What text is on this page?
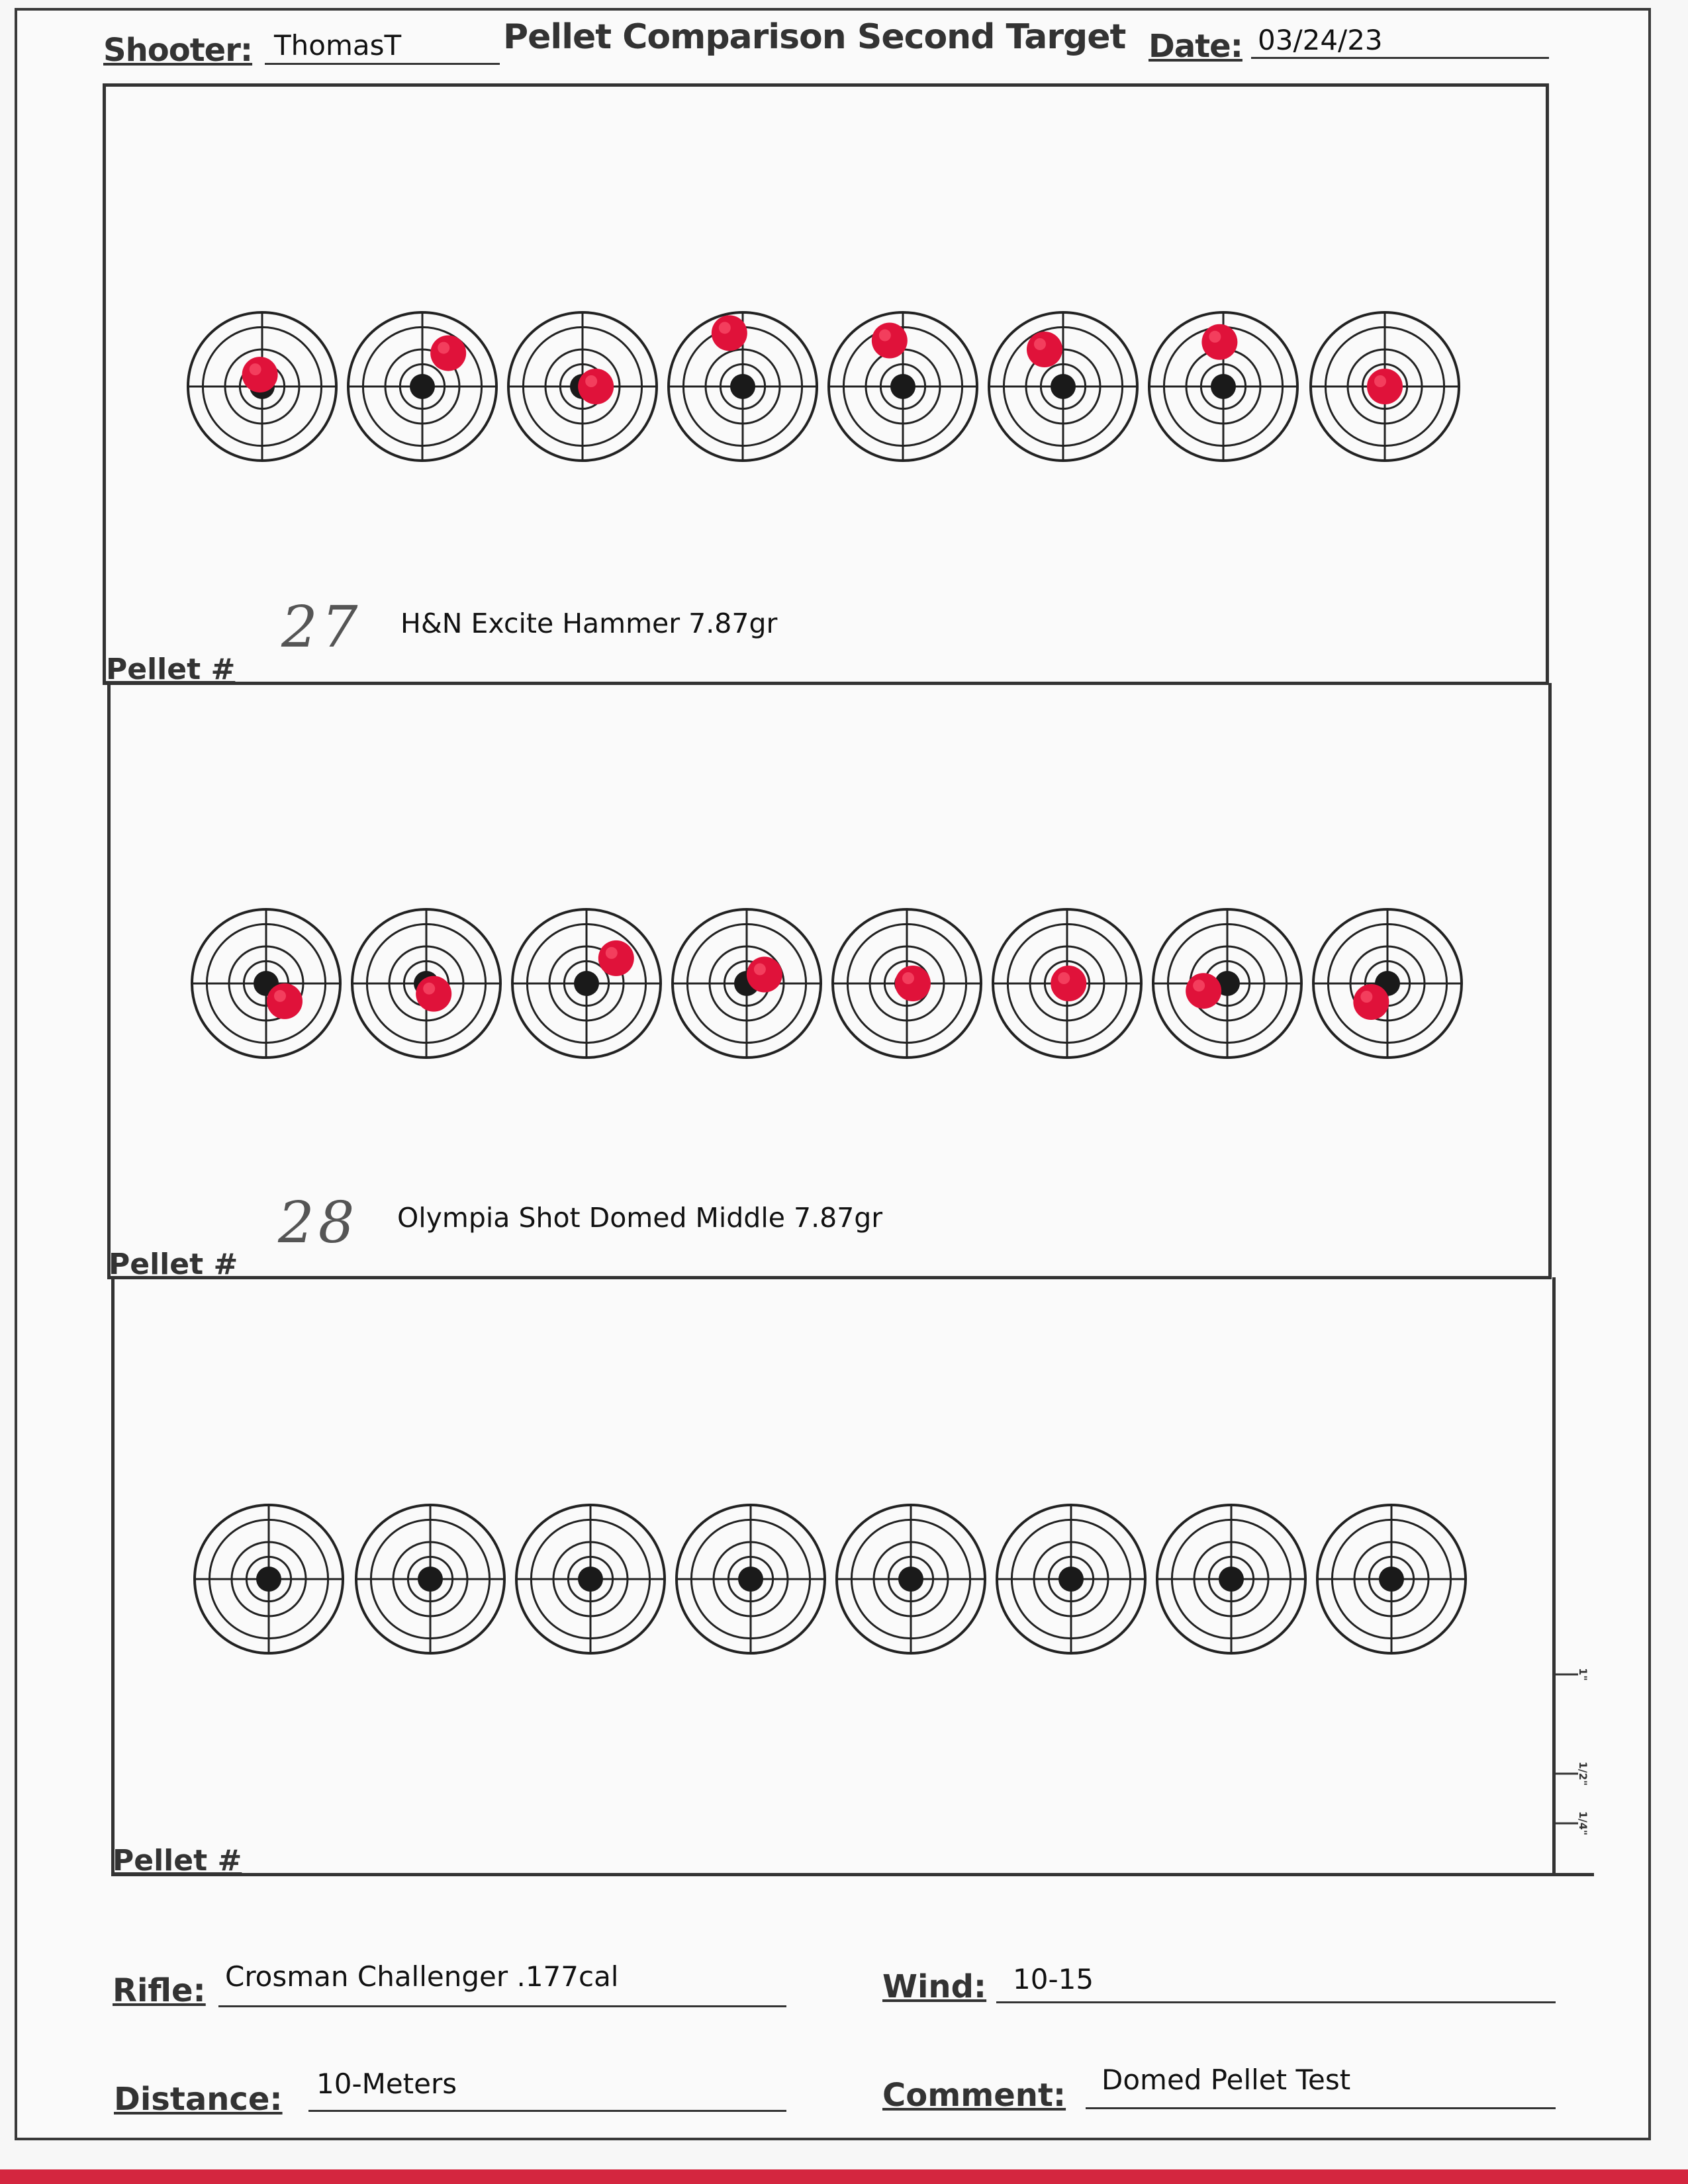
Shooter: ThomasT	Pellet Comparison Second Target Date: 03/24/23
Pellet #
27 H&N Excite Hammer 7.87gr
Pellet #
28 Olympia Shot Domed Middle 7.87gr
Pellet #
1"
1/2"
1/4"
Rifle: Crosman Challenger .177cal	Wind: 10-15
Distance: 10-Meters	Comment: Domed Pellet Test
